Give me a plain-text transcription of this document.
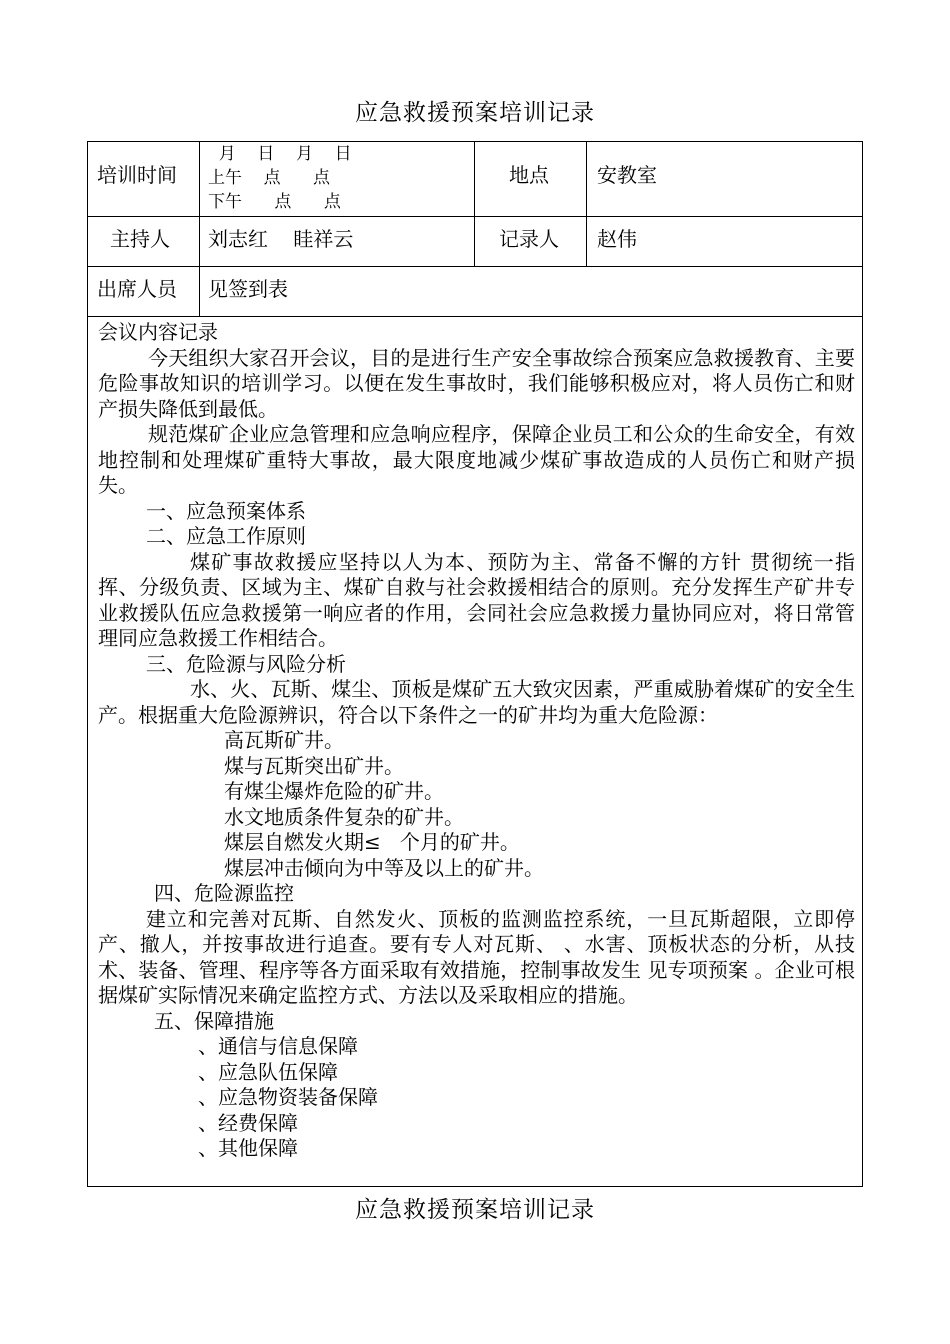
应急救援预案培训记录
培训时间
月    日    月    日
上午    点      点
下午      点      点
地点 安教室
主持人 刘志红    眭祥云	记录人 赵伟
出席人员 见签到表
会议内容记录
今天组织大家召开会议，目的是进行生产安全事故综合预案应急救援教育、主要危险事故知识的培训学习。以便在发生事故时，我们能够积极应对，将人员伤亡和财产损失降低到最低。
规范煤矿企业应急管理和应急响应程序，保障企业员工和公众的生命安全，有效地控制和处理煤矿重特大事故，最大限度地减少煤矿事故造成的人员伤亡和财产损失。
一、应急预案体系
二、应急工作原则
煤矿事故救援应坚持以人为本、预防为主、常备不懈的方针 贯彻统一指挥、分级负责、区域为主、煤矿自救与社会救援相结合的原则。充分发挥生产矿井专业救援队伍应急救援第一响应者的作用，会同社会应急救援力量协同应对，将日常管理同应急救援工作相结合。
三、危险源与风险分析
水、火、瓦斯、煤尘、顶板是煤矿五大致灾因素，严重威胁着煤矿的安全生产。根据重大危险源辨识，符合以下条件之一的矿井均为重大危险源：
高瓦斯矿井。
煤与瓦斯突出矿井。
有煤尘爆炸危险的矿井。
水文地质条件复杂的矿井。
煤层自燃发火期≤   个月的矿井。
煤层冲击倾向为中等及以上的矿井。
四、危险源监控
建立和完善对瓦斯、自然发火、顶板的监测监控系统，一旦瓦斯超限，立即停产、撤人，并按事故进行追查。要有专人对瓦斯、 、水害、顶板状态的分析，从技术、装备、管理、程序等各方面采取有效措施，控制事故发生 见专项预案 。企业可根据煤矿实际情况来确定监控方式、方法以及采取相应的措施。
五、保障措施
、通信与信息保障
、应急队伍保障
、应急物资装备保障
、经费保障
、其他保障
应急救援预案培训记录
